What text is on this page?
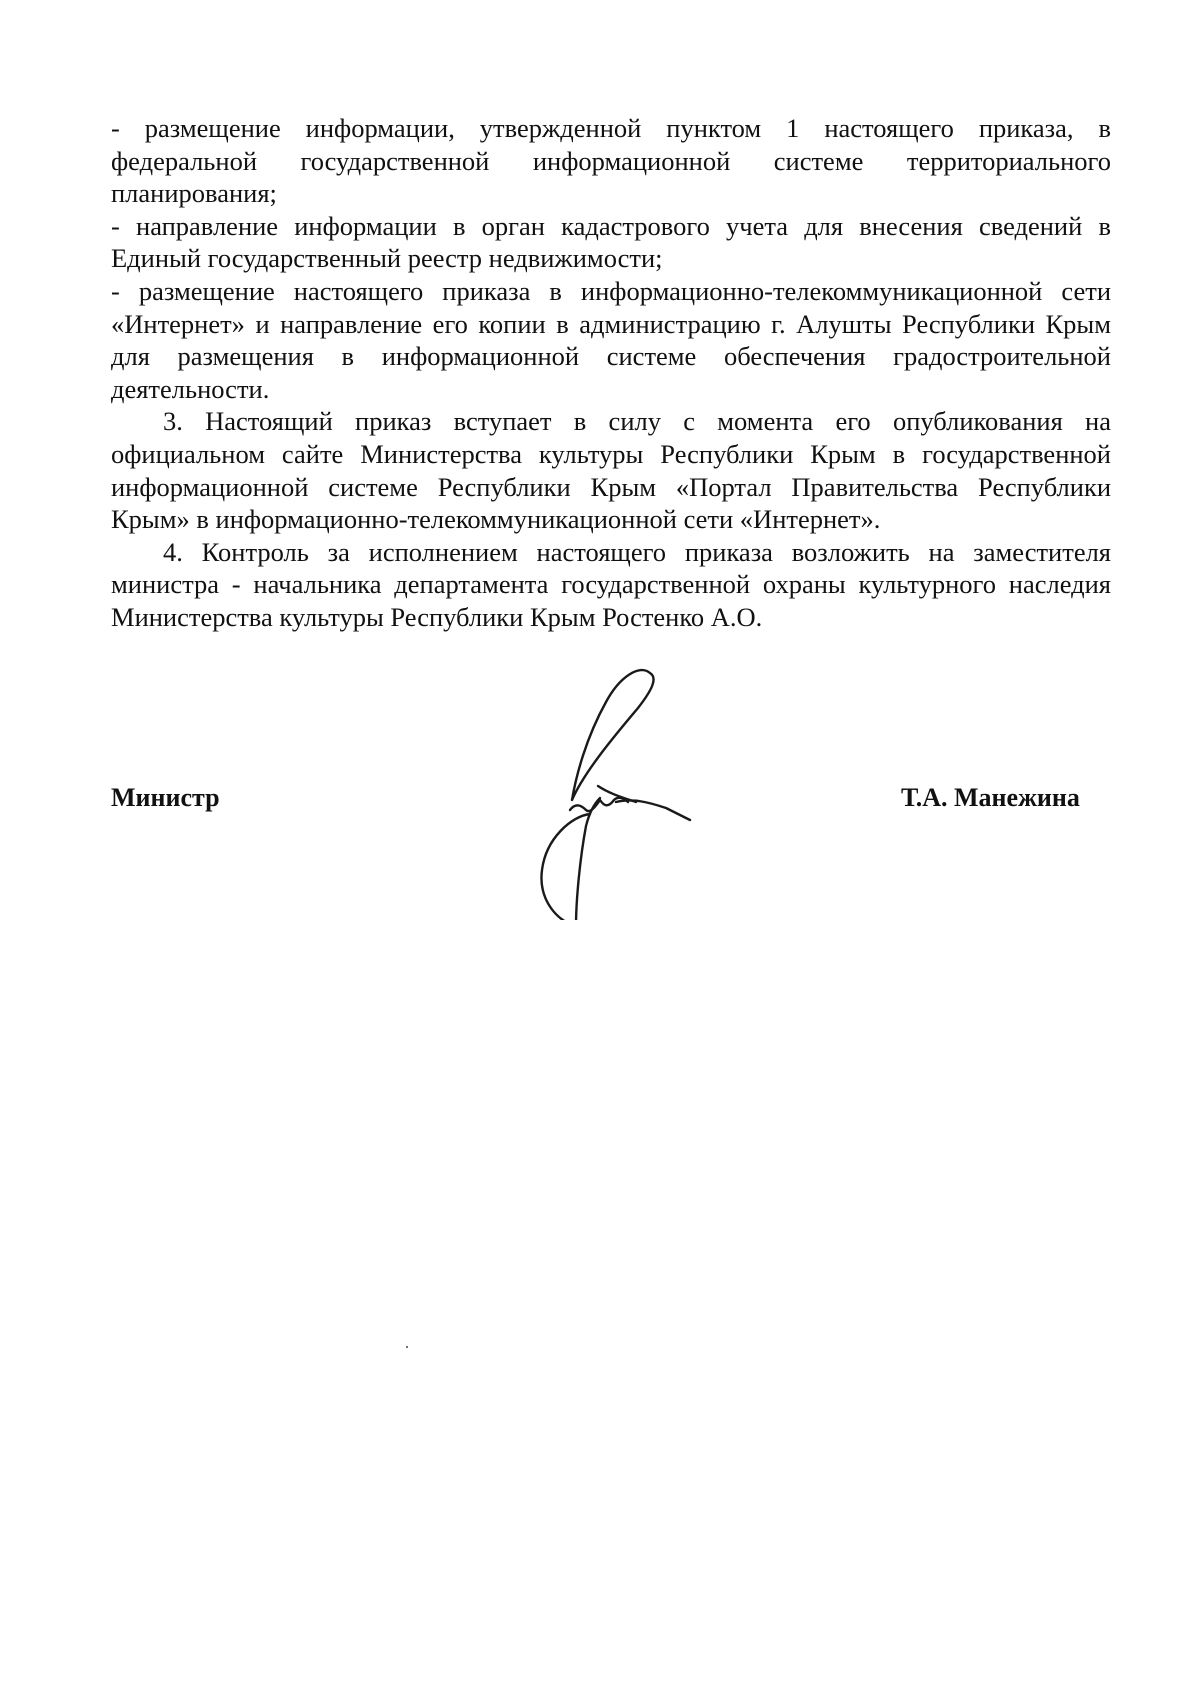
- размещение информации, утвержденной пунктом 1 настоящего приказа, в федеральной государственной информационной системе территориального планирования;

- направление информации в орган кадастрового учета для внесения сведений в Единый государственный реестр недвижимости;

- размещение настоящего приказа в информационно-телекоммуникационной сети «Интернет» и направление его копии в администрацию г. Алушты Республики Крым для размещения в информационной системе обеспечения градостроительной деятельности.

3. Настоящий приказ вступает в силу с момента его опубликования на официальном сайте Министерства культуры Республики Крым в государственной информационной системе Республики Крым «Портал Правительства Республики Крым» в информационно-телекоммуникационной сети «Интернет».

4. Контроль за исполнением настоящего приказа возложить на заместителя министра - начальника департамента государственной охраны культурного наследия Министерства культуры Республики Крым Ростенко А.О.

Министр	Т.А. Манежина
